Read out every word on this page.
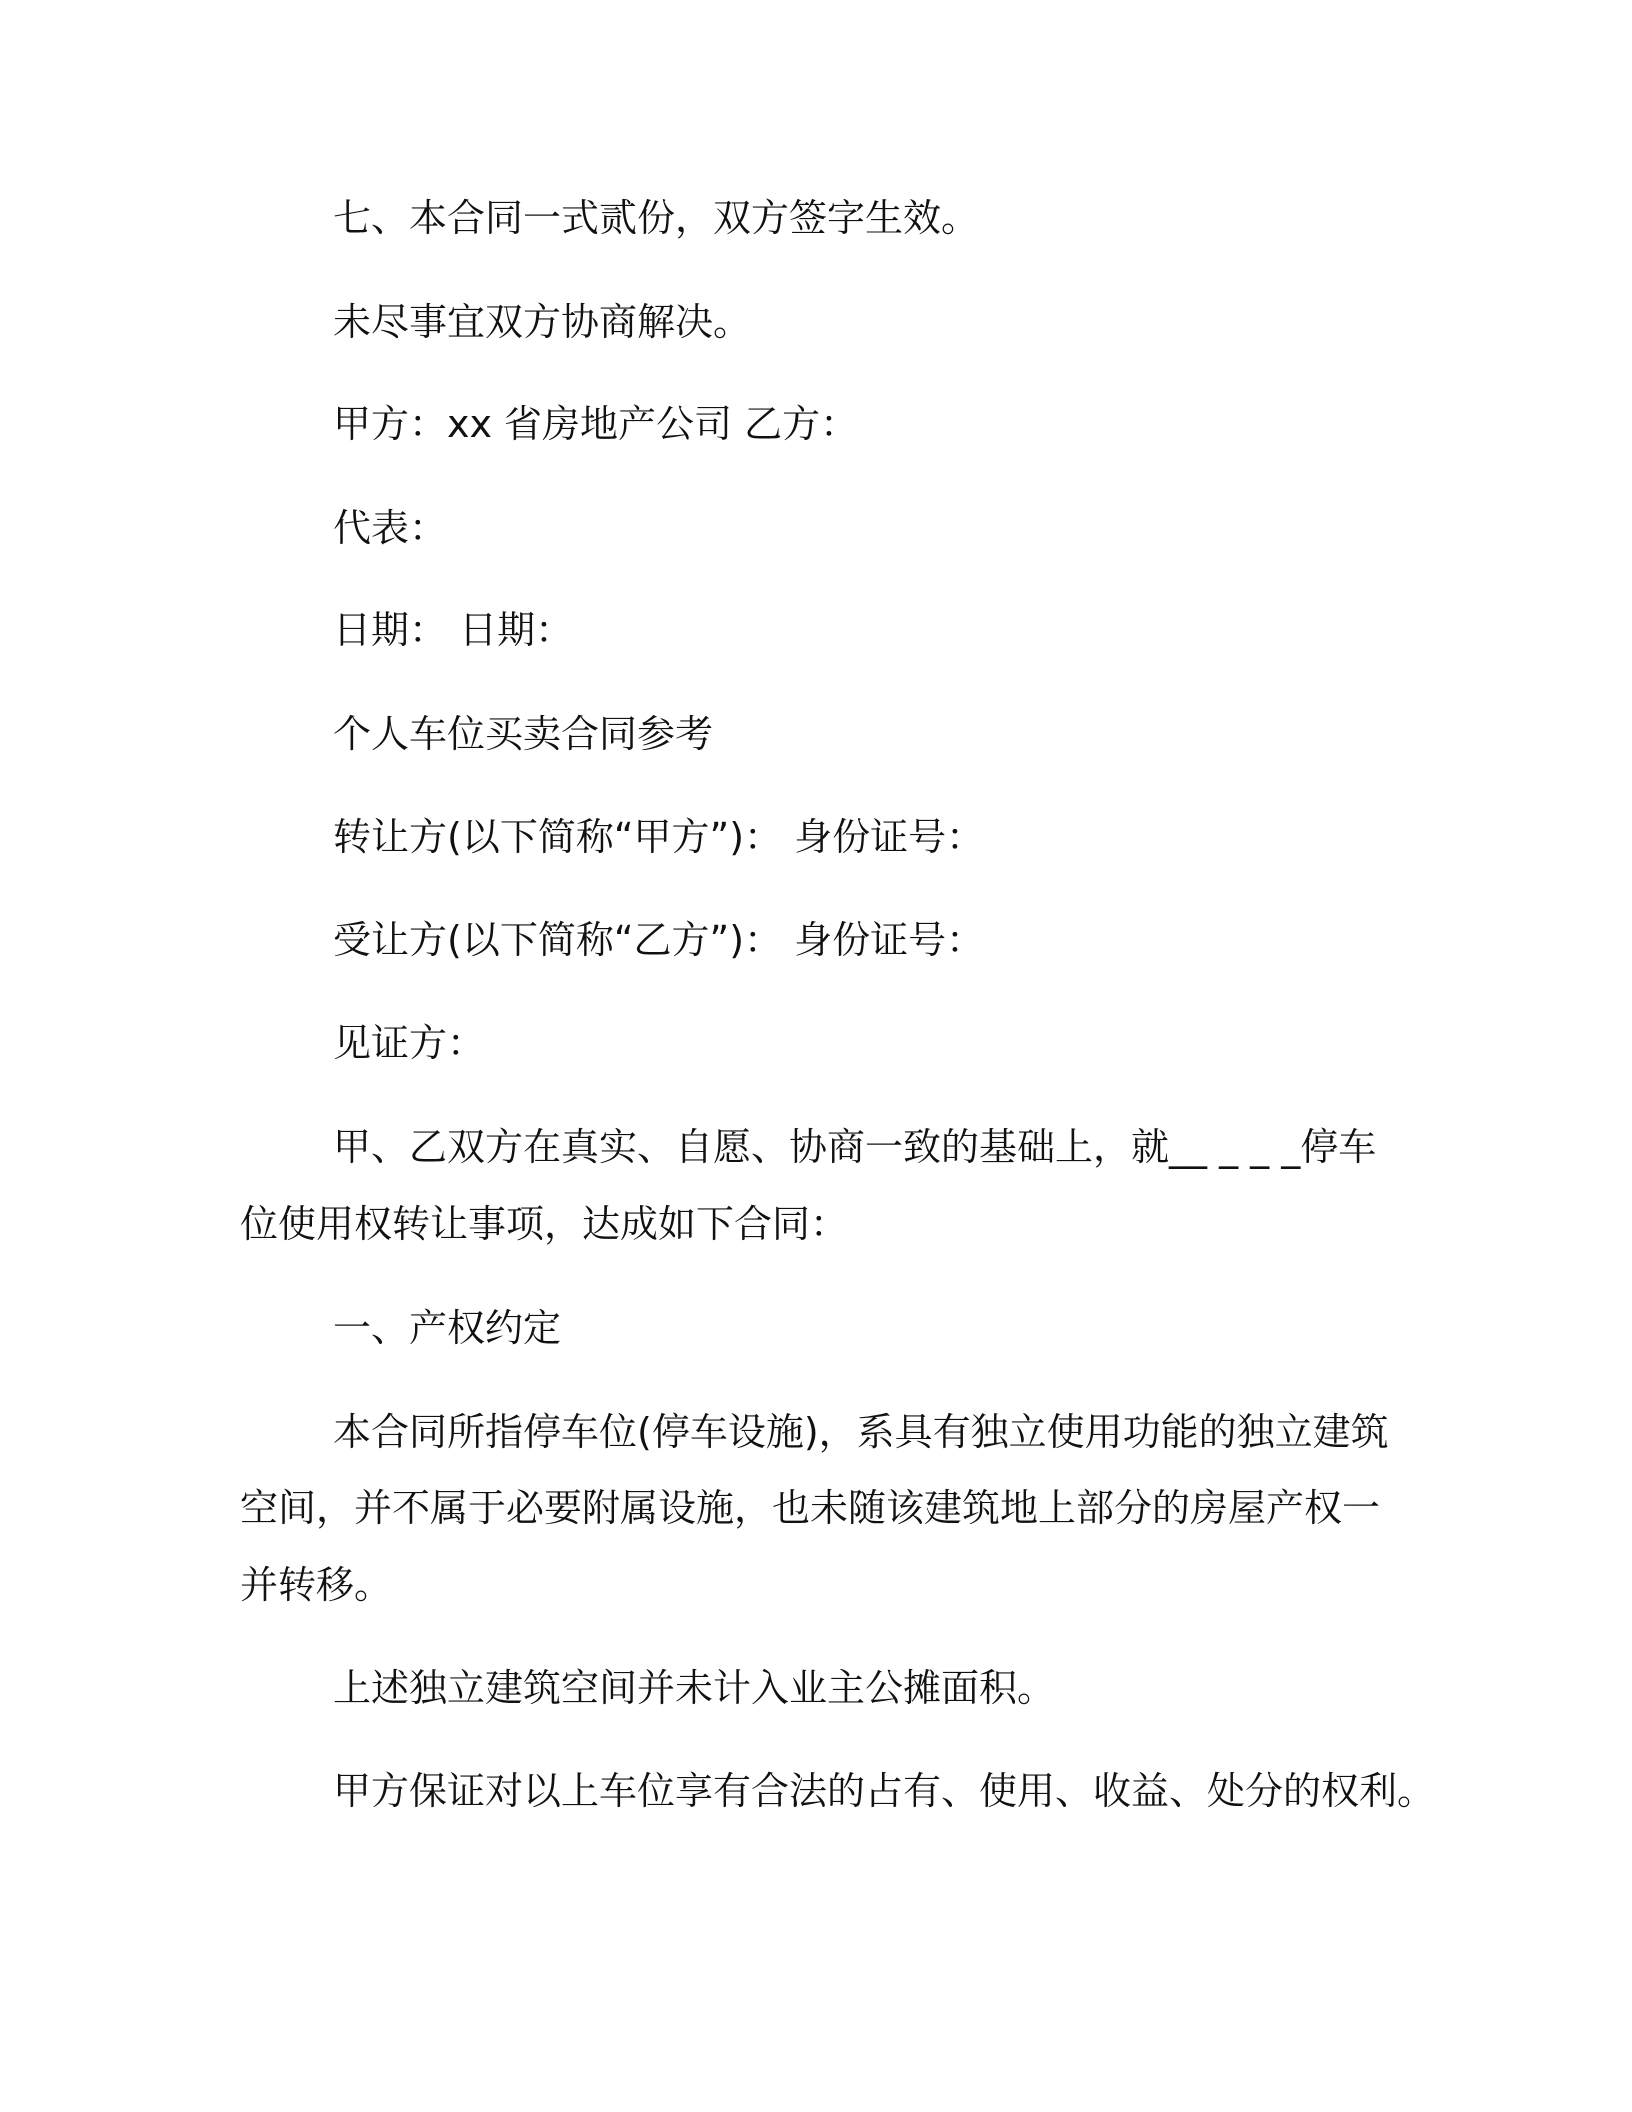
七、本合同一式贰份，双方签字生效。
未尽事宜双方协商解决。
甲方：xx 省房地产公司 乙方：
代表：
日期： 日期：
个人车位买卖合同参考
转让方(以下简称“甲方”)： 身份证号：
受让方(以下简称“乙方”)： 身份证号：
见证方：
甲、乙双方在真实、自愿、协商一致的基础上，就__ _ _ _停车
位使用权转让事项，达成如下合同：
一、产权约定
本合同所指停车位(停车设施)，系具有独立使用功能的独立建筑
空间，并不属于必要附属设施，也未随该建筑地上部分的房屋产权一
并转移。
上述独立建筑空间并未计入业主公摊面积。
甲方保证对以上车位享有合法的占有、使用、收益、处分的权利。
